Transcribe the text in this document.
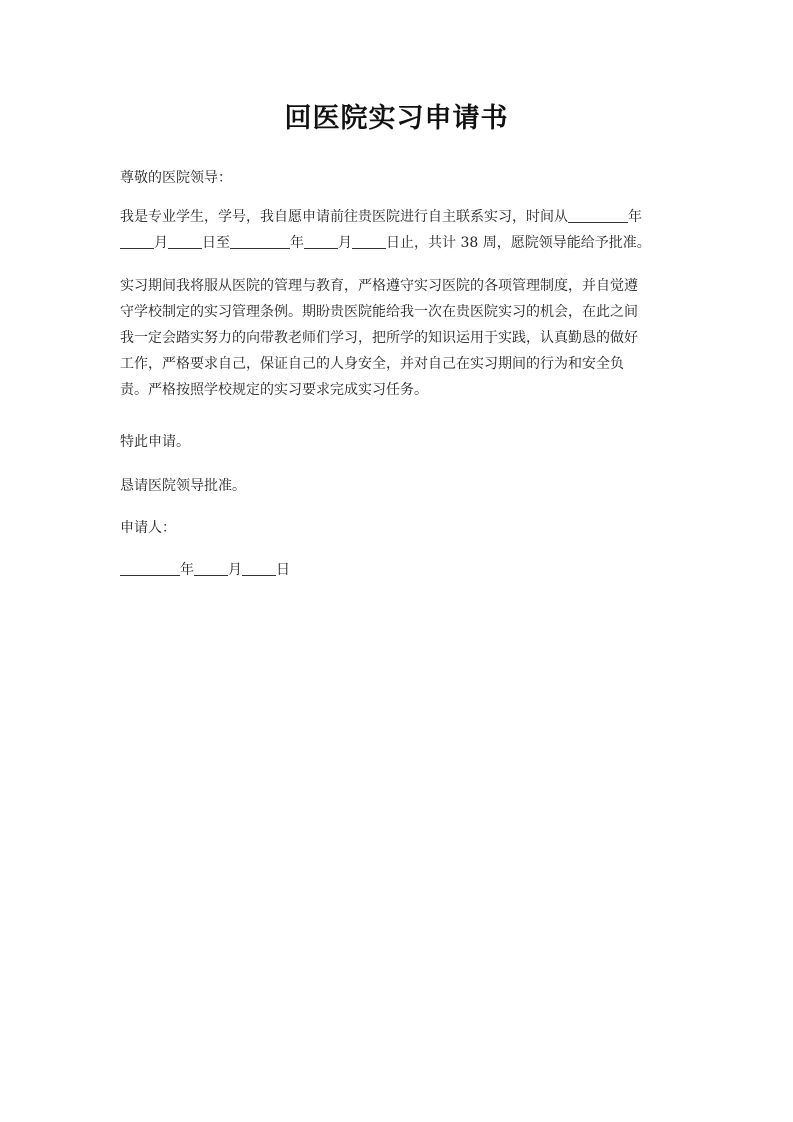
回医院实习申请书

尊敬的医院领导：

我是专业学生，学号，我自愿申请前往贵医院进行自主联系实习，时间从	年

月 日至	年 月 日止，共计 38 周，愿院领导能给予批准。

实习期间我将服从医院的管理与教育，严格遵守实习医院的各项管理制度，并自觉遵

守学校制定的实习管理条例。期盼贵医院能给我一次在贵医院实习的机会，在此之间

我一定会踏实努力的向带教老师们学习，把所学的知识运用于实践，认真勤恳的做好

工作，严格要求自己，保证自己的人身安全，并对自己在实习期间的行为和安全负

责。严格按照学校规定的实习要求完成实习任务。

特此申请。

恳请医院领导批准。

申请人：

年 月 日
